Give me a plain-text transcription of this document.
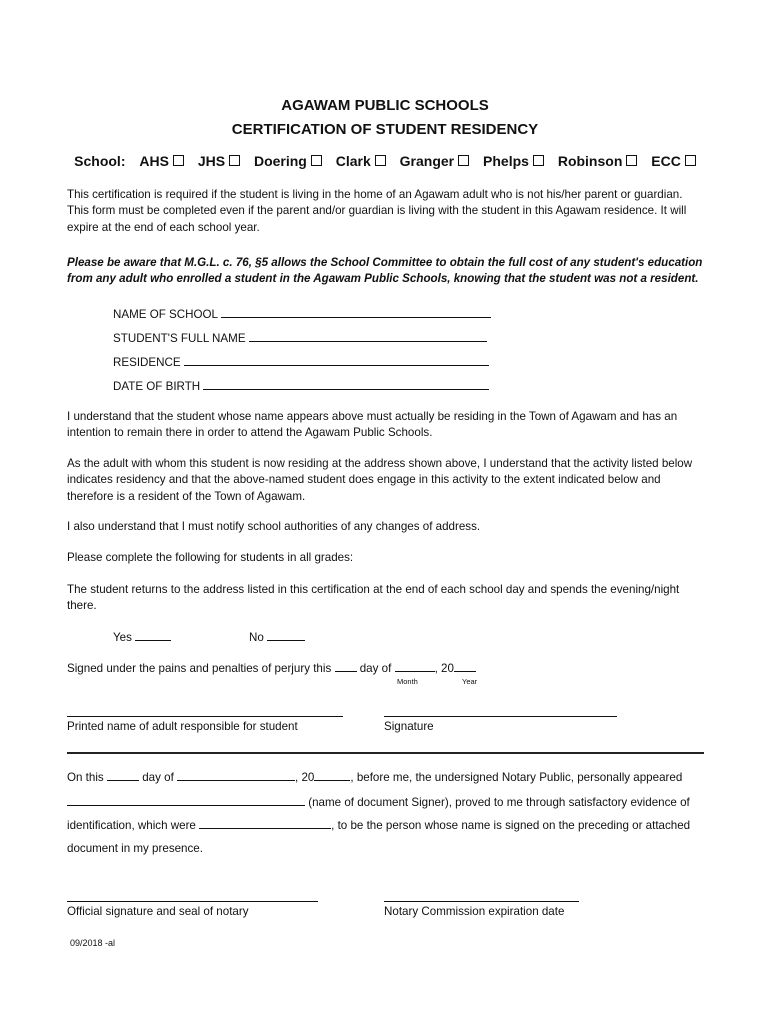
AGAWAM PUBLIC SCHOOLS
CERTIFICATION OF STUDENT RESIDENCY
School: AHS JHS Doering Clark Granger Phelps Robinson ECC
This certification is required if the student is living in the home of an Agawam adult who is not his/her parent or guardian. This form must be completed even if the parent and/or guardian is living with the student in this Agawam residence. It will expire at the end of each school year.
Please be aware that M.G.L. c. 76, §5 allows the School Committee to obtain the full cost of any student's education from any adult who enrolled a student in the Agawam Public Schools, knowing that the student was not a resident.
NAME OF SCHOOL
STUDENT'S FULL NAME
RESIDENCE
DATE OF BIRTH
I understand that the student whose name appears above must actually be residing in the Town of Agawam and has an intention to remain there in order to attend the Agawam Public Schools.
As the adult with whom this student is now residing at the address shown above, I understand that the activity listed below indicates residency and that the above-named student does engage in this activity to the extent indicated below and therefore is a resident of the Town of Agawam.
I also understand that I must notify school authorities of any changes of address.
Please complete the following for students in all grades:
The student returns to the address listed in this certification at the end of each school day and spends the evening/night there.
Yes	No
Signed under the pains and penalties of perjury this day of	, 20
Month	Year
Printed name of adult responsible for student	Signature
On this	day of	, 20	, before me, the undersigned Notary Public, personally appeared
(name of document Signer), proved to me through satisfactory evidence of
identification, which were	, to be the person whose name is signed on the preceding or attached
document in my presence.
Official signature and seal of notary	Notary Commission expiration date
09/2018 -al
